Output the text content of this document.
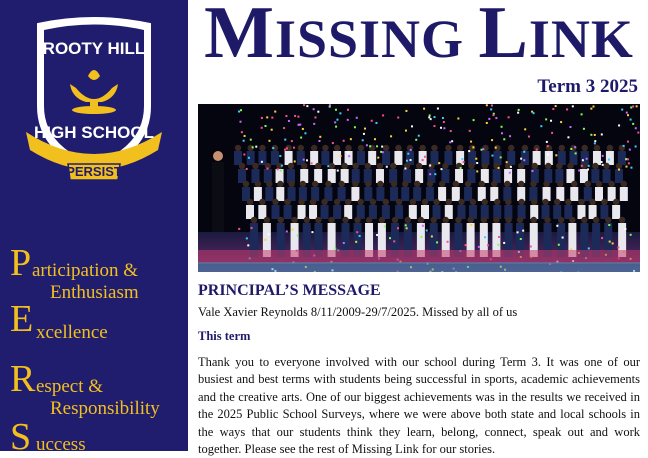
ROOTY HILL
HIGH SCHOOL
PERSIST
P articipation &
Enthusiasm
E xcellence
R espect &
Responsibility
S uccess
MISSING LINK
Term 3 2025
PRINCIPAL’S MESSAGE

Vale Xavier Reynolds 8/11/2009-29/7/2025. Missed by all of us

This term

Thank you to everyone involved with our school during Term 3. It was one of our busiest and best terms with students being successful in sports, academic achievements and the creative arts. One of our biggest achievements was in the results we received in the 2025 Public School Surveys, where we were above both state and local schools in the ways that our students think they learn, belong, connect, speak out and work together. Please see the rest of Missing Link for our stories.
